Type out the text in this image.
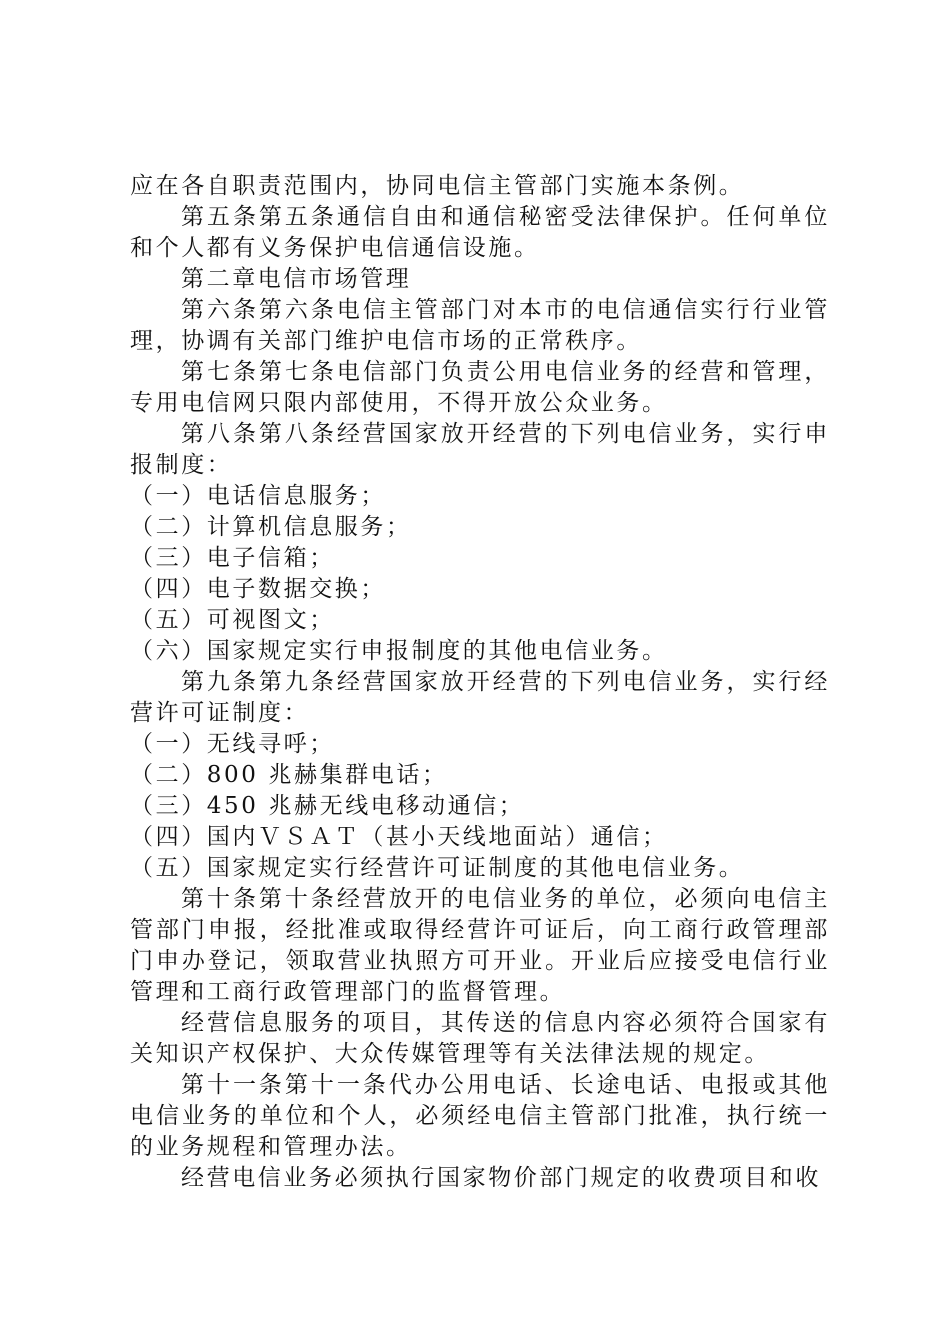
应在各自职责范围内，协同电信主管部门实施本条例。

第五条第五条通信自由和通信秘密受法律保护。任何单位和个人都有义务保护电信通信设施。

第二章电信市场管理

第六条第六条电信主管部门对本市的电信通信实行行业管理，协调有关部门维护电信市场的正常秩序。

第七条第七条电信部门负责公用电信业务的经营和管理，专用电信网只限内部使用，不得开放公众业务。

第八条第八条经营国家放开经营的下列电信业务，实行申报制度：

（一）电话信息服务；

（二）计算机信息服务；

（三）电子信箱；

（四）电子数据交换；

（五）可视图文；

（六）国家规定实行申报制度的其他电信业务。

第九条第九条经营国家放开经营的下列电信业务，实行经营许可证制度：

（一）无线寻呼；

（二）800 兆赫集群电话；

（三）450 兆赫无线电移动通信；

（四）国内ＶＳＡＴ（甚小天线地面站）通信；

（五）国家规定实行经营许可证制度的其他电信业务。

第十条第十条经营放开的电信业务的单位，必须向电信主管部门申报，经批准或取得经营许可证后，向工商行政管理部门申办登记，领取营业执照方可开业。开业后应接受电信行业管理和工商行政管理部门的监督管理。

经营信息服务的项目，其传送的信息内容必须符合国家有关知识产权保护、大众传媒管理等有关法律法规的规定。

第十一条第十一条代办公用电话、长途电话、电报或其他电信业务的单位和个人，必须经电信主管部门批准，执行统一的业务规程和管理办法。

经营电信业务必须执行国家物价部门规定的收费项目和收
